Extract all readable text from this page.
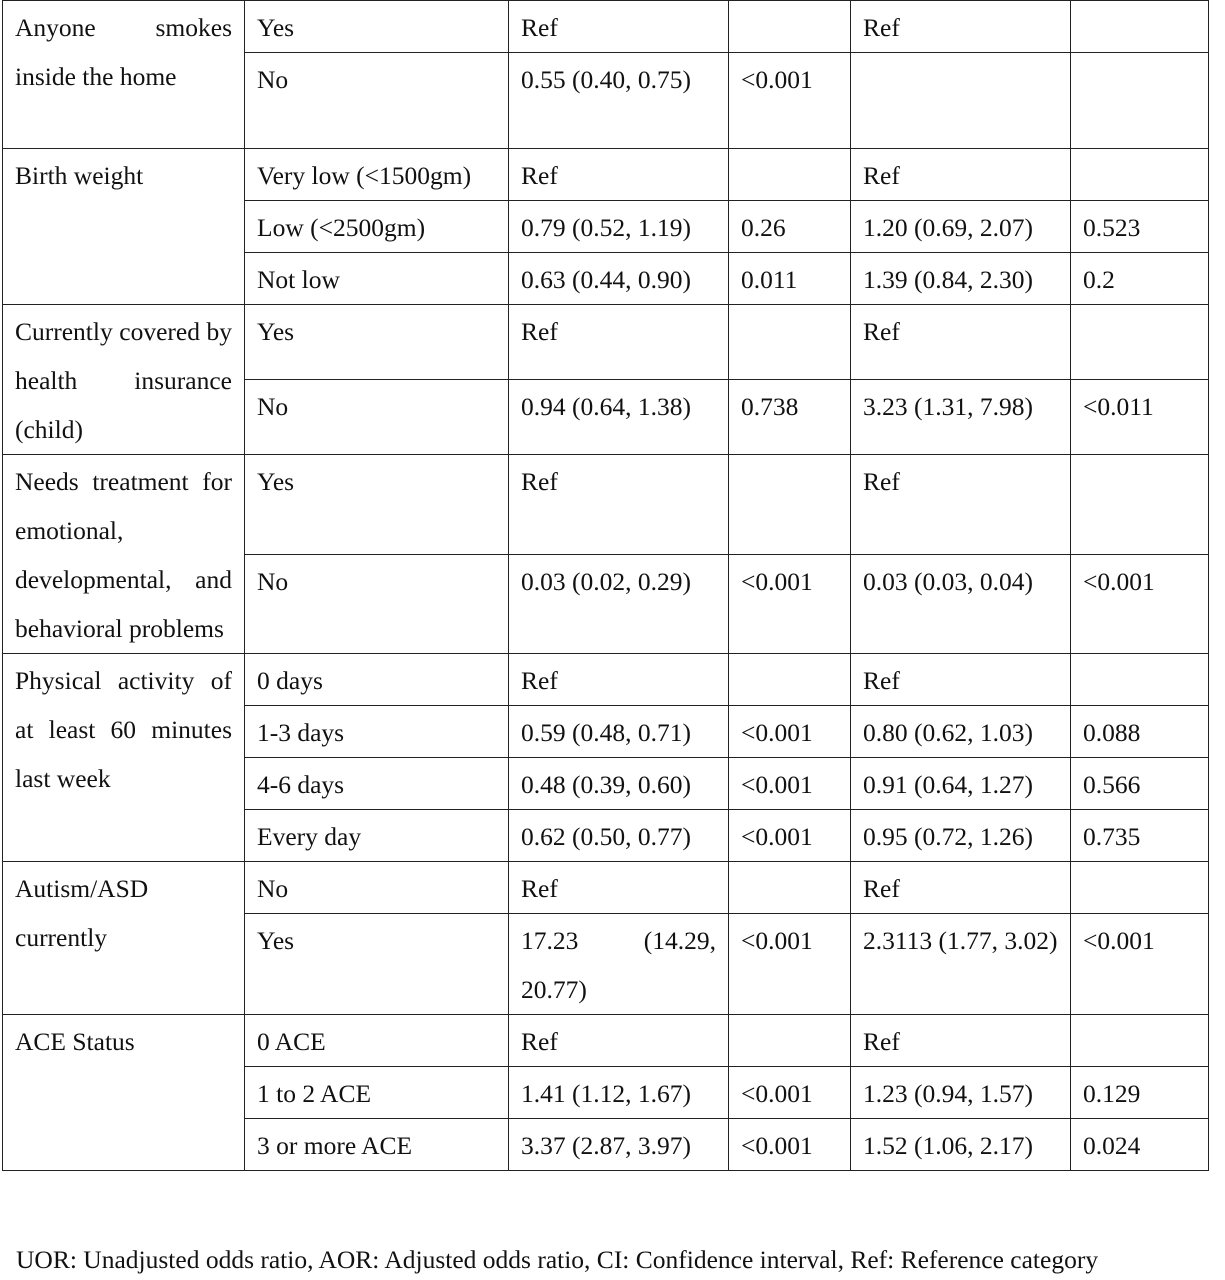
Anyone smokes inside the home	Yes	Ref		Ref	
	No	0.55 (0.40, 0.75)	<0.001		
Birth weight	Very low (<1500gm)	Ref		Ref	
	Low (<2500gm)	0.79 (0.52, 1.19)	0.26	1.20 (0.69, 2.07)	0.523
	Not low	0.63 (0.44, 0.90)	0.011	1.39 (0.84, 2.30)	0.2
Currently covered by health insurance (child)	Yes	Ref		Ref	
	No	0.94 (0.64, 1.38)	0.738	3.23 (1.31, 7.98)	<0.011
Needs treatment for emotional, developmental, and behavioral problems	Yes	Ref		Ref	
	No	0.03 (0.02, 0.29)	<0.001	0.03 (0.03, 0.04)	<0.001
Physical activity of at least 60 minutes last week	0 days	Ref		Ref	
	1-3 days	0.59 (0.48, 0.71)	<0.001	0.80 (0.62, 1.03)	0.088
	4-6 days	0.48 (0.39, 0.60)	<0.001	0.91 (0.64, 1.27)	0.566
	Every day	0.62 (0.50, 0.77)	<0.001	0.95 (0.72, 1.26)	0.735
Autism/ASD currently	No	Ref		Ref	
	Yes	17.23 (14.29, 20.77)	<0.001	2.3113 (1.77, 3.02)	<0.001
ACE Status	0 ACE	Ref		Ref	
	1 to 2 ACE	1.41 (1.12, 1.67)	<0.001	1.23 (0.94, 1.57)	0.129
	3 or more ACE	3.37 (2.87, 3.97)	<0.001	1.52 (1.06, 2.17)	0.024
UOR: Unadjusted odds ratio, AOR: Adjusted odds ratio, CI: Confidence interval, Ref: Reference category
